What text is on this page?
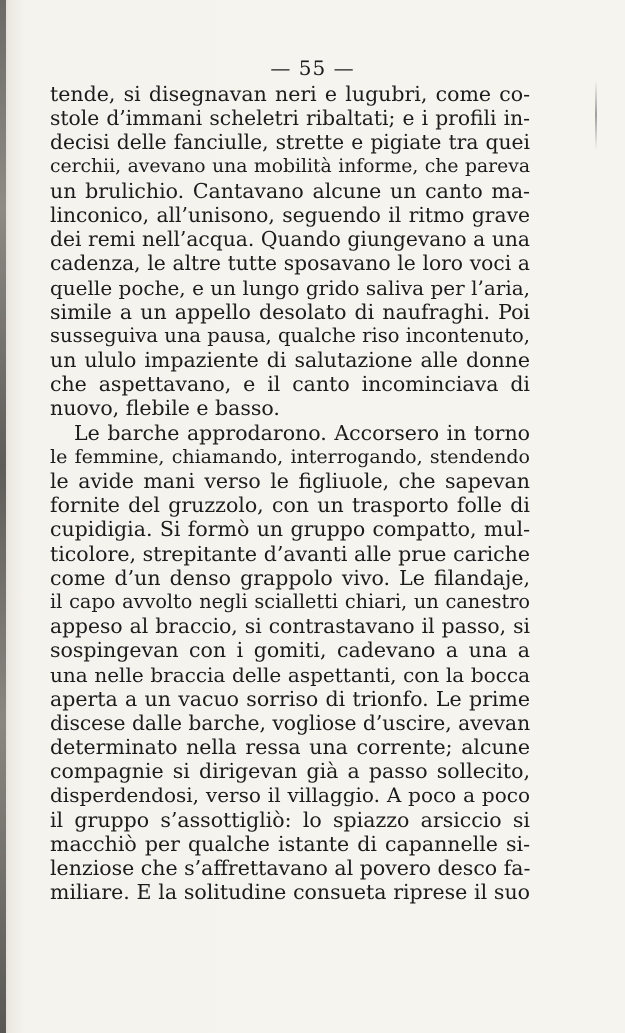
— 55 —
tende, si disegnavan neri e lugubri, come co-
stole d’immani scheletri ribaltati; e i profili in-
decisi delle fanciulle, strette e pigiate tra quei
cerchii, avevano una mobilità informe, che pareva
un brulichio. Cantavano alcune un canto ma-
linconico, all’unisono, seguendo il ritmo grave
dei remi nell’acqua. Quando giungevano a una
cadenza, le altre tutte sposavano le loro voci a
quelle poche, e un lungo grido saliva per l’aria,
simile a un appello desolato di naufraghi. Poi
susseguiva una pausa, qualche riso incontenuto,
un ululo impaziente di salutazione alle donne
che aspettavano, e il canto incominciava di
nuovo, flebile e basso.
Le barche approdarono. Accorsero in torno
le femmine, chiamando, interrogando, stendendo
le avide mani verso le figliuole, che sapevan
fornite del gruzzolo, con un trasporto folle di
cupidigia. Si formò un gruppo compatto, mul-
ticolore, strepitante d’avanti alle prue cariche
come d’un denso grappolo vivo. Le filandaje,
il capo avvolto negli scialletti chiari, un canestro
appeso al braccio, si contrastavano il passo, si
sospingevan con i gomiti, cadevano a una a
una nelle braccia delle aspettanti, con la bocca
aperta a un vacuo sorriso di trionfo. Le prime
discese dalle barche, vogliose d’uscire, avevan
determinato nella ressa una corrente; alcune
compagnie si dirigevan già a passo sollecito,
disperdendosi, verso il villaggio. A poco a poco
il gruppo s’assottigliò: lo spiazzo arsiccio si
macchiò per qualche istante di capannelle si-
lenziose che s’affrettavano al povero desco fa-
miliare. E la solitudine consueta riprese il suo
